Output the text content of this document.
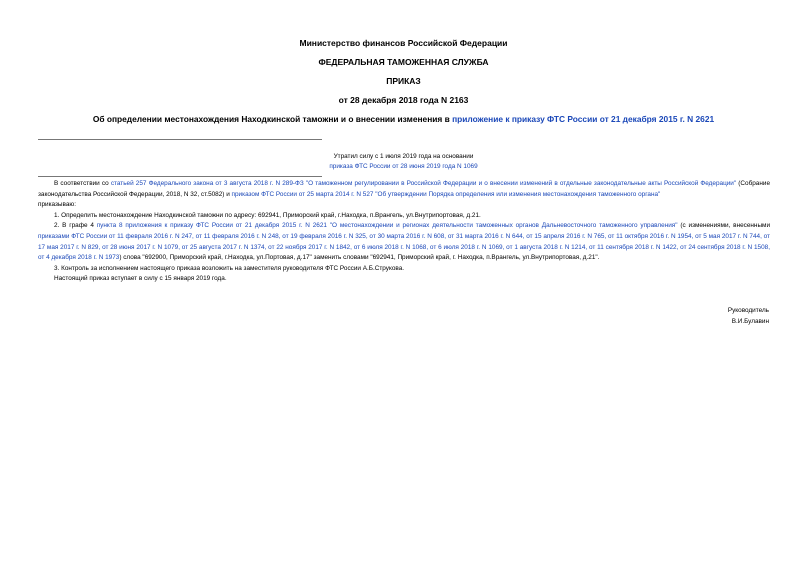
Министерство финансов Российской Федерации
ФЕДЕРАЛЬНАЯ ТАМОЖЕННАЯ СЛУЖБА
ПРИКАЗ
от 28 декабря 2018 года N 2163
Об определении местонахождения Находкинской таможни и о внесении изменения в приложение к приказу ФТС России от 21 декабря 2015 г. N 2621
Утратил силу с 1 июля 2019 года на основании
приказа ФТС России от 28 июня 2019 года N 1069

В соответствии со статьей 257 Федерального закона от 3 августа 2018 г. N 289-ФЗ "О таможенном регулировании в Российской Федерации и о внесении изменений в отдельные законодательные акты Российской Федерации" (Собрание законодательства Российской Федерации, 2018, N 32, ст.5082) и приказом ФТС России от 25 марта 2014 г. N 527 "Об утверждении Порядка определения или изменения местонахождения таможенного органа"

приказываю:

1. Определить местонахождение Находкинской таможни по адресу: 692941, Приморский край, г.Находка, п.Врангель, ул.Внутрипортовая, д.21.

2. В графе 4 пункта 8 приложения к приказу ФТС России от 21 декабря 2015 г. N 2621 "О местонахождении и регионах деятельности таможенных органов Дальневосточного таможенного управления" (с изменениями, внесенными приказами ФТС России от 11 февраля 2016 г. N 247, от 11 февраля 2016 г. N 248, от 19 февраля 2016 г. N 325, от 30 марта 2016 г. N 608, от 31 марта 2016 г. N 644, от 15 апреля 2016 г. N 765, от 11 октября 2016 г. N 1954, от 5 мая 2017 г. N 744, от 17 мая 2017 г. N 829, от 28 июня 2017 г. N 1079, от 25 августа 2017 г. N 1374, от 22 ноября 2017 г. N 1842, от 6 июля 2018 г. N 1068, от 6 июля 2018 г. N 1069, от 1 августа 2018 г. N 1214, от 11 сентября 2018 г. N 1422, от 24 сентября 2018 г. N 1508, от 4 декабря 2018 г. N 1973) слова "692900, Приморский край, г.Находка, ул.Портовая, д.17" заменить словами "692941, Приморский край, г. Находка, п.Врангель, ул.Внутрипортовая, д.21".

3. Контроль за исполнением настоящего приказа возложить на заместителя руководителя ФТС России А.Б.Струкова.

Настоящий приказ вступает в силу с 15 января 2019 года.

Руководитель
В.И.Булавин
